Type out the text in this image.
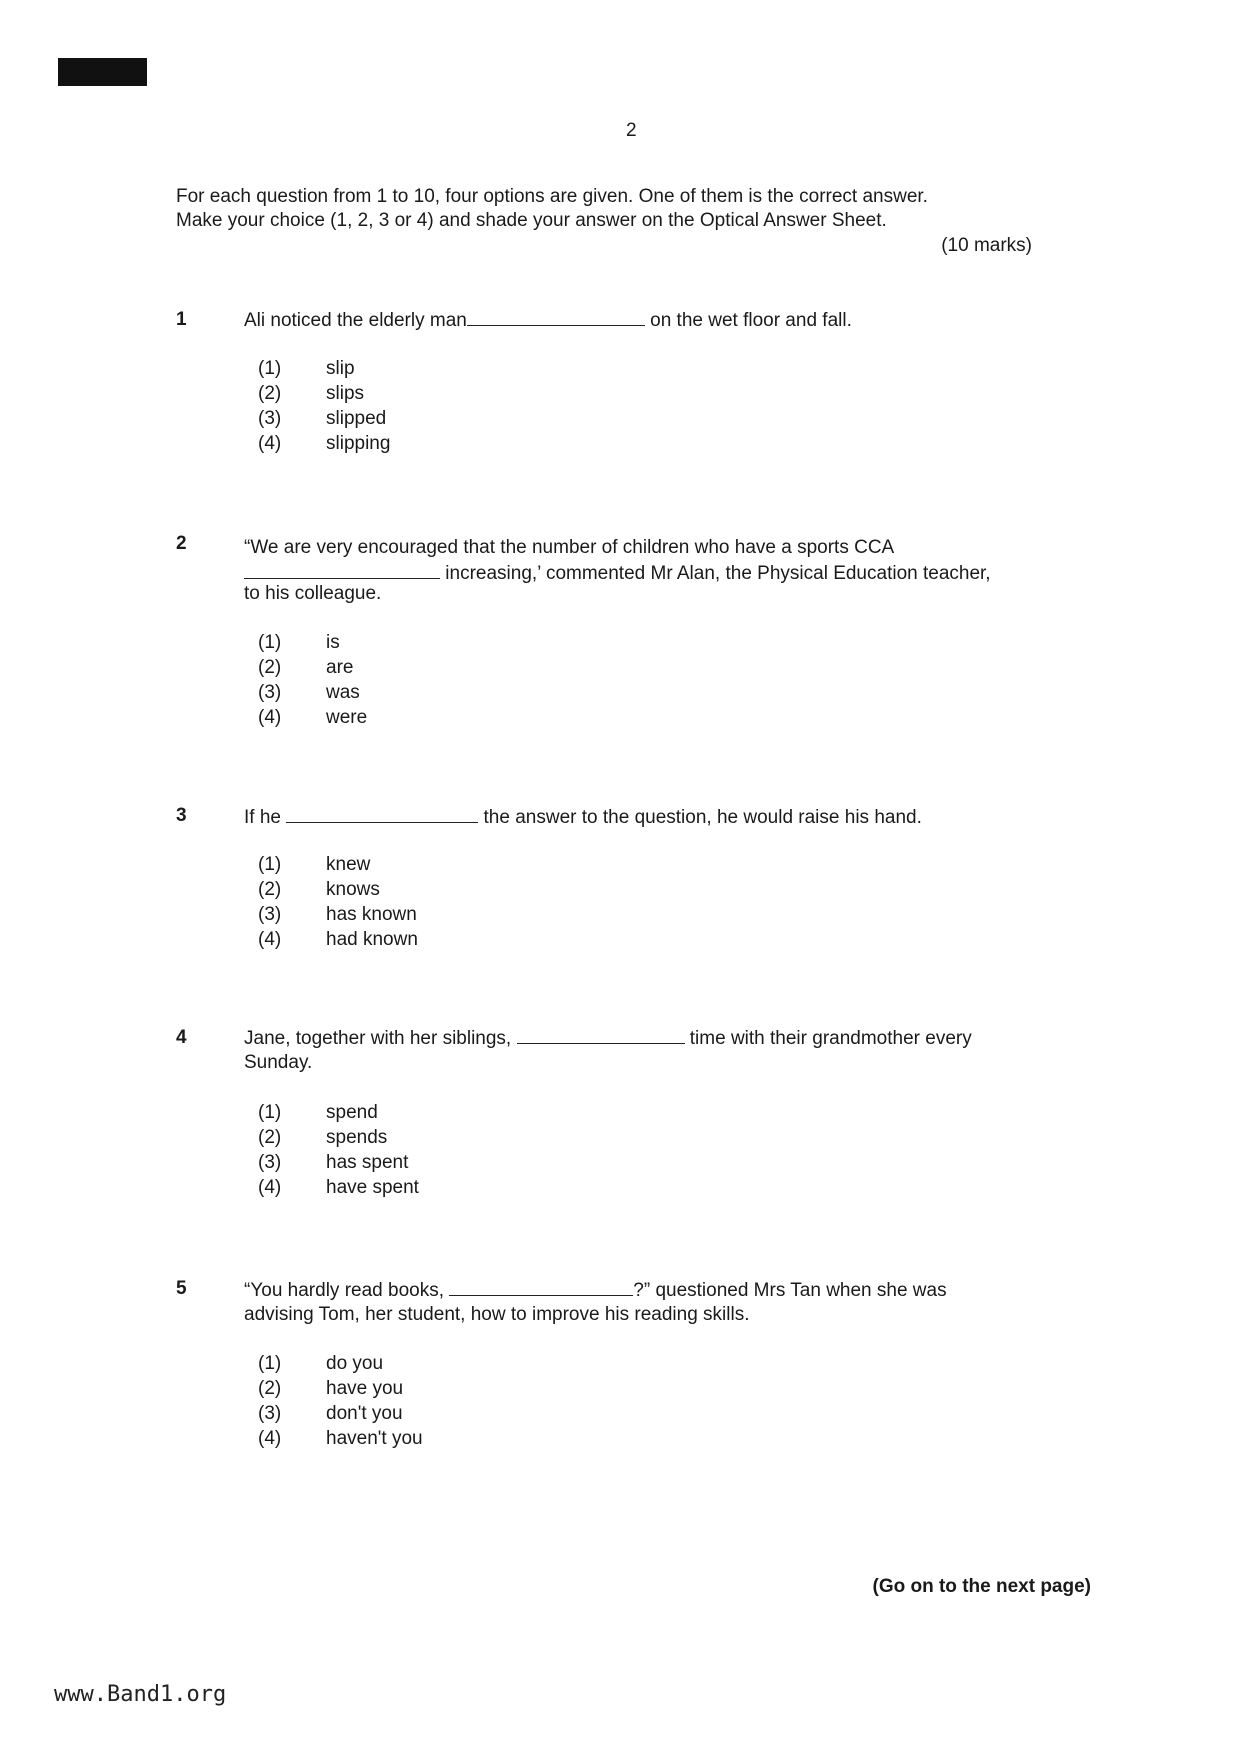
2
For each question from 1 to 10, four options are given. One of them is the correct answer.
Make your choice (1, 2, 3 or 4) and shade your answer on the Optical Answer Sheet.
(10 marks)
1	Ali noticed the elderly man	on the wet floor and fall.
(1) slip
(2) slips
(3) slipped
(4) slipping
2	“We are very encouraged that the number of children who have a sports CCA
increasing,’ commented Mr Alan, the Physical Education teacher,
to his colleague.
(1) is
(2) are
(3) was
(4) were
3	If he	the answer to the question, he would raise his hand.
(1) knew
(2) knows
(3) has known
(4) had known
4	Jane, together with her siblings,	time with their grandmother every
Sunday.
(1) spend
(2) spends
(3) has spent
(4) have spent
5	“You hardly read books,	?” questioned Mrs Tan when she was
advising Tom, her student, how to improve his reading skills.
(1) do you
(2) have you
(3) don't you
(4) haven't you
(Go on to the next page)
www.Band1.org
